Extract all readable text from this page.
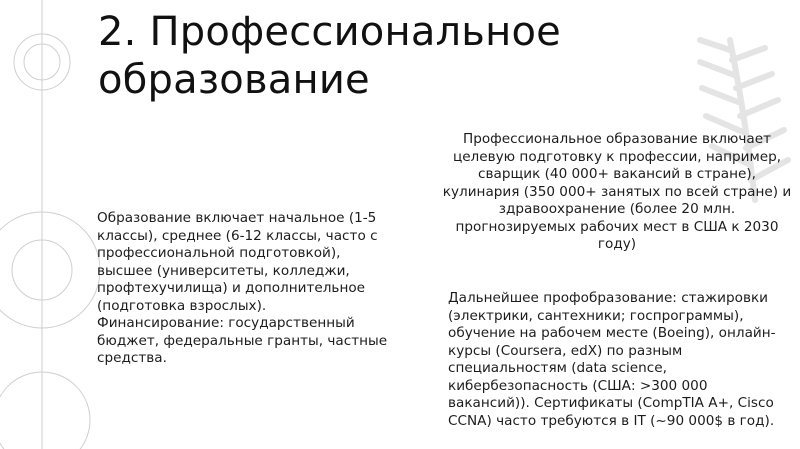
2. Профессиональное образование

Образование включает начальное (1-5 классы), среднее (6-12 классы, часто с профессиональной подготовкой), высшее (университеты, колледжи, профтехучилища) и дополнительное (подготовка взрослых). Финансирование: государственный бюджет, федеральные гранты, частные средства.

Профессиональное образование включает целевую подготовку к профессии, например, сварщик (40 000+ вакансий в стране), кулинария (350 000+ занятых по всей стране) и здравоохранение (более 20 млн. прогнозируемых рабочих мест в США к 2030 году)

Дальнейшее профобразование: стажировки (электрики, сантехники; госпрограммы), обучение на рабочем месте (Boeing), онлайн-курсы (Coursera, edX) по разным специальностям (data science, кибербезопасность (США: >300 000 вакансий)). Сертификаты (CompTIA A+, Cisco CCNA) часто требуются в IT (~90 000$ в год).
